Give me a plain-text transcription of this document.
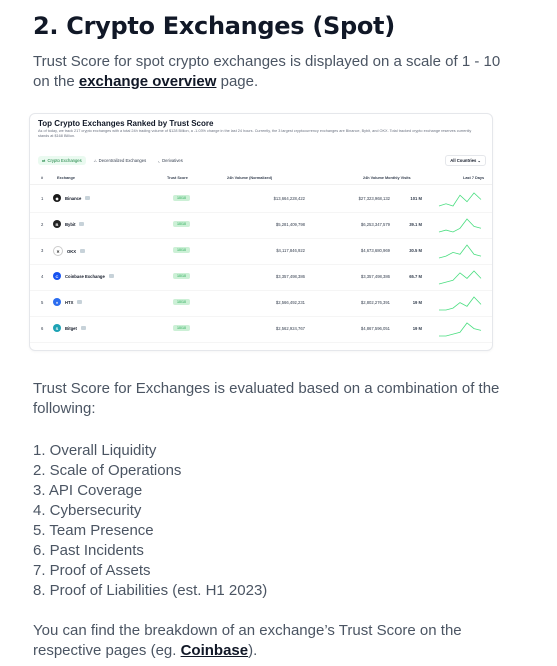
2. Crypto Exchanges (Spot)
Trust Score for spot crypto exchanges is displayed on a scale of 1 - 10 on the exchange overview page.
Top Crypto Exchanges Ranked by Trust Score
As of today, we track 217 crypto exchanges with a total 24h trading volume of $128 Billion, a -1.03% change in the last 24 hours. Currently, the 3 largest cryptocurrency exchanges are Binance, Bybit, and OKX. Total tracked crypto exchange reserves currently stands at $168 Billion.
⇄ Crypto Exchanges	⛬ Decentralized Exchanges	⌞ Derivatives	All Countries ⌄
#	Exchange	Trust Score	24h Volume (Normalized)	24h Volume Monthly Visits	Last 7 Days
1	◆	Binance	10/10	$13,664,228,422	$27,323,968,132	101 M
2	B	Bybit	10/10	$5,281,409,798	$6,253,347,579	39.1 M
3	✕	OKX	10/10	$4,117,846,922	$4,673,680,969	30.5 M
4	C	Coinbase Exchange	10/10	$3,357,498,386	$3,357,498,386	65.7 M
5	♦	HTX	10/10	$2,566,492,231	$2,802,276,391	19 M
6	S	Bitget	10/10	$2,562,924,767	$4,867,596,051	19 M
Trust Score for Exchanges is evaluated based on a combination of the following:
1. Overall Liquidity
2. Scale of Operations
3. API Coverage
4. Cybersecurity
5. Team Presence
6. Past Incidents
7. Proof of Assets
8. Proof of Liabilities (est. H1 2023)
You can find the breakdown of an exchange’s Trust Score on the respective pages (eg. Coinbase).
